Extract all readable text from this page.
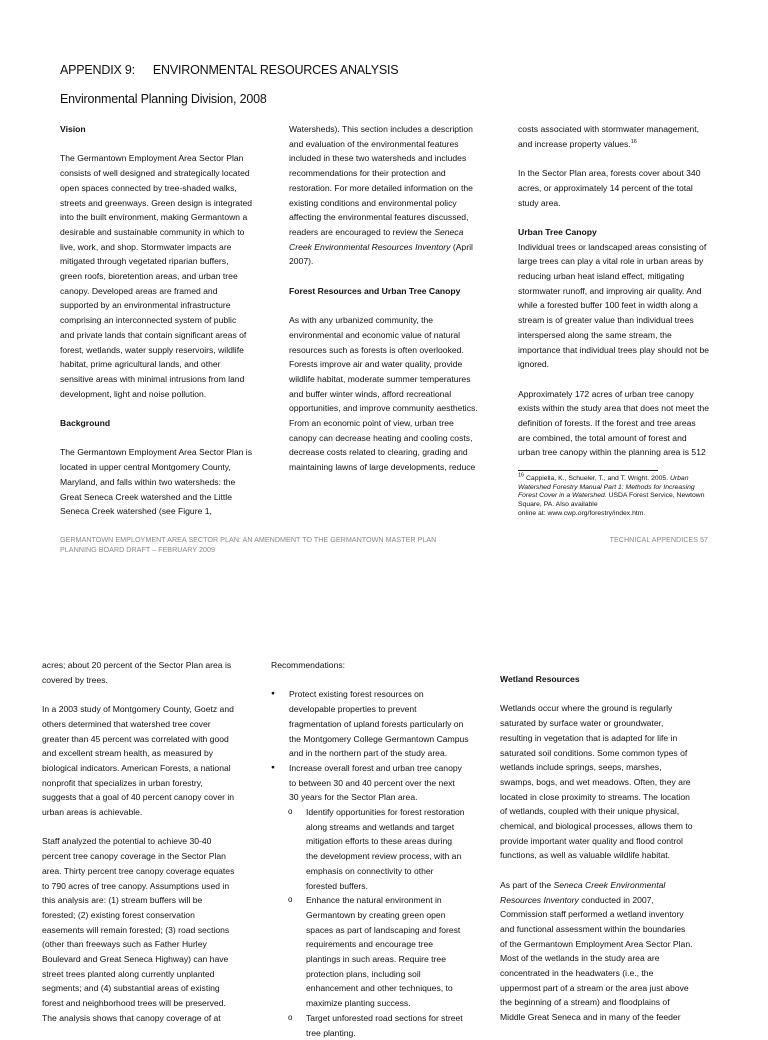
APPENDIX 9: ENVIRONMENTAL RESOURCES ANALYSIS
Environmental Planning Division, 2008
Vision

The Germantown Employment Area Sector Plan
consists of well designed and strategically located
open spaces connected by tree-shaded walks,
streets and greenways. Green design is integrated
into the built environment, making Germantown a
desirable and sustainable community in which to
live, work, and shop. Stormwater impacts are
mitigated through vegetated riparian buffers,
green roofs, bioretention areas, and urban tree
canopy. Developed areas are framed and
supported by an environmental infrastructure
comprising an interconnected system of public
and private lands that contain significant areas of
forest, wetlands, water supply reservoirs, wildlife
habitat, prime agricultural lands, and other
sensitive areas with minimal intrusions from land
development, light and noise pollution.

Background

The Germantown Employment Area Sector Plan is
located in upper central Montgomery County,
Maryland, and falls within two watersheds: the
Great Seneca Creek watershed and the Little
Seneca Creek watershed (see Figure 1,

Watersheds). This section includes a description
and evaluation of the environmental features
included in these two watersheds and includes
recommendations for their protection and
restoration. For more detailed information on the
existing conditions and environmental policy
affecting the environmental features discussed,
readers are encouraged to review the Seneca
Creek Environmental Resources Inventory (April
2007).

Forest Resources and Urban Tree Canopy

As with any urbanized community, the
environmental and economic value of natural
resources such as forests is often overlooked.
Forests improve air and water quality, provide
wildlife habitat, moderate summer temperatures
and buffer winter winds, afford recreational
opportunities, and improve community aesthetics.
From an economic point of view, urban tree
canopy can decrease heating and cooling costs,
decrease costs related to clearing, grading and
maintaining lawns of large developments, reduce

costs associated with stormwater management,
and increase property values.$^{16}$

In the Sector Plan area, forests cover about 340
acres, or approximately 14 percent of the total
study area.

Urban Tree Canopy

Individual trees or landscaped areas consisting of
large trees can play a vital role in urban areas by
reducing urban heat island effect, mitigating
stormwater runoff, and improving air quality. And
while a forested buffer 100 feet in width along a
stream is of greater value than individual trees
interspersed along the same stream, the
importance that individual trees play should not be
ignored.

Approximately 172 acres of urban tree canopy
exists within the study area that does not meet the
definition of forests. If the forest and tree areas
are combined, the total amount of forest and
urban tree canopy within the planning area is 512

$^{16}$ Cappiella, K., Schueler, T., and T. Wright. 2005. Urban
Watershed Forestry Manual Part 1: Methods for Increasing
Forest Cover in a Watershed. USDA Forest Service, Newtown
Square, PA. Also available
online at: www.cwp.org/forestry/index.htm.
GERMANTOWN EMPLOYMENT AREA SECTOR PLAN: AN AMENDMENT TO THE GERMANTOWN MASTER PLAN
PLANNING BOARD DRAFT – FEBRUARY 2009
TECHNICAL APPENDICES 57

acres; about 20 percent of the Sector Plan area is
covered by trees.

In a 2003 study of Montgomery County, Goetz and
others determined that watershed tree cover
greater than 45 percent was correlated with good
and excellent stream health, as measured by
biological indicators. American Forests, a national
nonprofit that specializes in urban forestry,
suggests that a goal of 40 percent canopy cover in
urban areas is achievable.

Staff analyzed the potential to achieve 30-40
percent tree canopy coverage in the Sector Plan
area. Thirty percent tree canopy coverage equates
to 790 acres of tree canopy. Assumptions used in
this analysis are: (1) stream buffers will be
forested; (2) existing forest conservation
easements will remain forested; (3) road sections
(other than freeways such as Father Hurley
Boulevard and Great Seneca Highway) can have
street trees planted along currently unplanted
segments; and (4) substantial areas of existing
forest and neighborhood trees will be preserved.
The analysis shows that canopy coverage of at

Recommendations:

● Protect existing forest resources on
developable properties to prevent
fragmentation of upland forests particularly on
the Montgomery College Germantown Campus
and in the northern part of the study area.
● Increase overall forest and urban tree canopy
to between 30 and 40 percent over the next
30 years for the Sector Plan area.
o Identify opportunities for forest restoration
along streams and wetlands and target
mitigation efforts to these areas during
the development review process, with an
emphasis on connectivity to other
forested buffers.
o Enhance the natural environment in
Germantown by creating green open
spaces as part of landscaping and forest
requirements and encourage tree
plantings in such areas. Require tree
protection plans, including soil
enhancement and other techniques, to
maximize planting success.
o Target unforested road sections for street
tree planting.
Wetland Resources

Wetlands occur where the ground is regularly
saturated by surface water or groundwater,
resulting in vegetation that is adapted for life in
saturated soil conditions. Some common types of
wetlands include springs, seeps, marshes,
swamps, bogs, and wet meadows. Often, they are
located in close proximity to streams. The location
of wetlands, coupled with their unique physical,
chemical, and biological processes, allows them to
provide important water quality and flood control
functions, as well as valuable wildlife habitat.

As part of the Seneca Creek Environmental
Resources Inventory conducted in 2007,
Commission staff performed a wetland inventory
and functional assessment within the boundaries
of the Germantown Employment Area Sector Plan.
Most of the wetlands in the study area are
concentrated in the headwaters (i.e., the
uppermost part of a stream or the area just above
the beginning of a stream) and floodplains of
Middle Great Seneca and in many of the feeder
